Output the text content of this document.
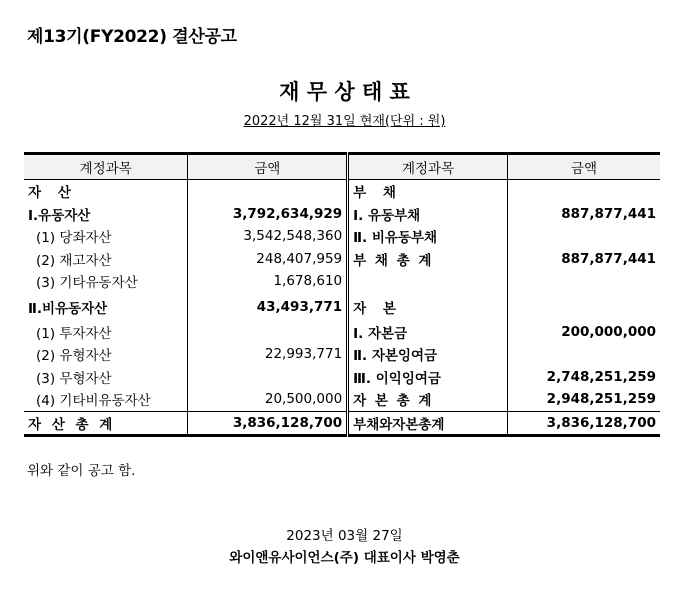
제13기(FY2022) 결산공고
재 무 상 태 표
2022년 12월 31일 현재(단위 : 원)
계정과목	금액	계정과목	금액
자 산		부 채	
Ⅰ.유동자산	3,792,634,929	Ⅰ. 유동부채	887,877,441
(1) 당좌자산	3,542,548,360	Ⅱ. 비유동부채	
(2) 재고자산	248,407,959	부 채 총 계	887,877,441
(3) 기타유동자산	1,678,610		
Ⅱ.비유동자산	43,493,771	자 본	
(1) 투자자산		Ⅰ. 자본금	200,000,000
(2) 유형자산	22,993,771	Ⅱ. 자본잉여금	
(3) 무형자산		Ⅲ. 이익잉여금	2,748,251,259
(4) 기타비유동자산	20,500,000	자 본 총 계	2,948,251,259
자 산 총 계	3,836,128,700	부채와자본총계	3,836,128,700
위와 같이 공고 함.
2023년 03월 27일
와이앤유사이언스(주) 대표이사 박영춘
